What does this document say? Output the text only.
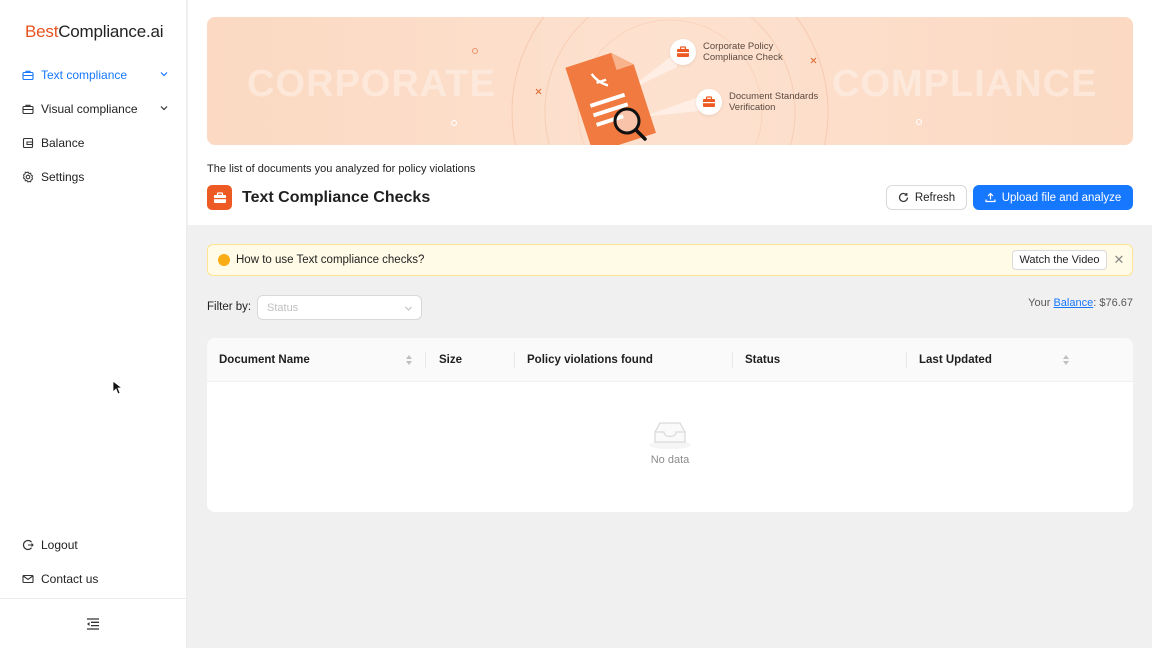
BestCompliance.ai
Text compliance
Visual compliance
Balance
Settings
Logout
Contact us
CORPORATE	COMPLIANCE
Corporate Policy
Compliance Check
Document Standards
Verification
The list of documents you analyzed for policy violations
Text Compliance Checks	Refresh	Upload file and analyze
How to use Text compliance checks?	Watch the Video	✕
Filter by: Status	Your Balance: $76.67
Document Name	Size	Policy violations found	Status	Last Updated
No data
